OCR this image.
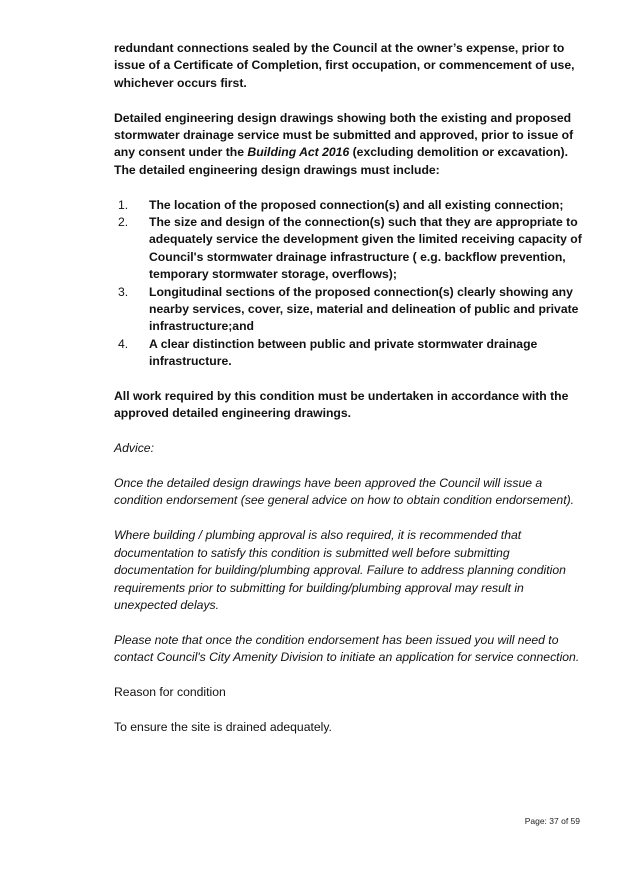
redundant connections sealed by the Council at the owner’s expense, prior to issue of a Certificate of Completion, first occupation, or commencement of use, whichever occurs first.

Detailed engineering design drawings showing both the existing and proposed stormwater drainage service must be submitted and approved, prior to issue of any consent under the Building Act 2016 (excluding demolition or excavation). The detailed engineering design drawings must include:

1. The location of the proposed connection(s) and all existing connection;
2. The size and design of the connection(s) such that they are appropriate to adequately service the development given the limited receiving capacity of Council's stormwater drainage infrastructure ( e.g. backflow prevention, temporary stormwater storage, overflows);
3. Longitudinal sections of the proposed connection(s) clearly showing any nearby services, cover, size, material and delineation of public and private infrastructure;and
4. A clear distinction between public and private stormwater drainage infrastructure.

All work required by this condition must be undertaken in accordance with the approved detailed engineering drawings.

Advice:

Once the detailed design drawings have been approved the Council will issue a condition endorsement (see general advice on how to obtain condition endorsement).

Where building / plumbing approval is also required, it is recommended that documentation to satisfy this condition is submitted well before submitting documentation for building/plumbing approval. Failure to address planning condition requirements prior to submitting for building/plumbing approval may result in unexpected delays.

Please note that once the condition endorsement has been issued you will need to contact Council's City Amenity Division to initiate an application for service connection.

Reason for condition

To ensure the site is drained adequately.

Page: 37 of 59
